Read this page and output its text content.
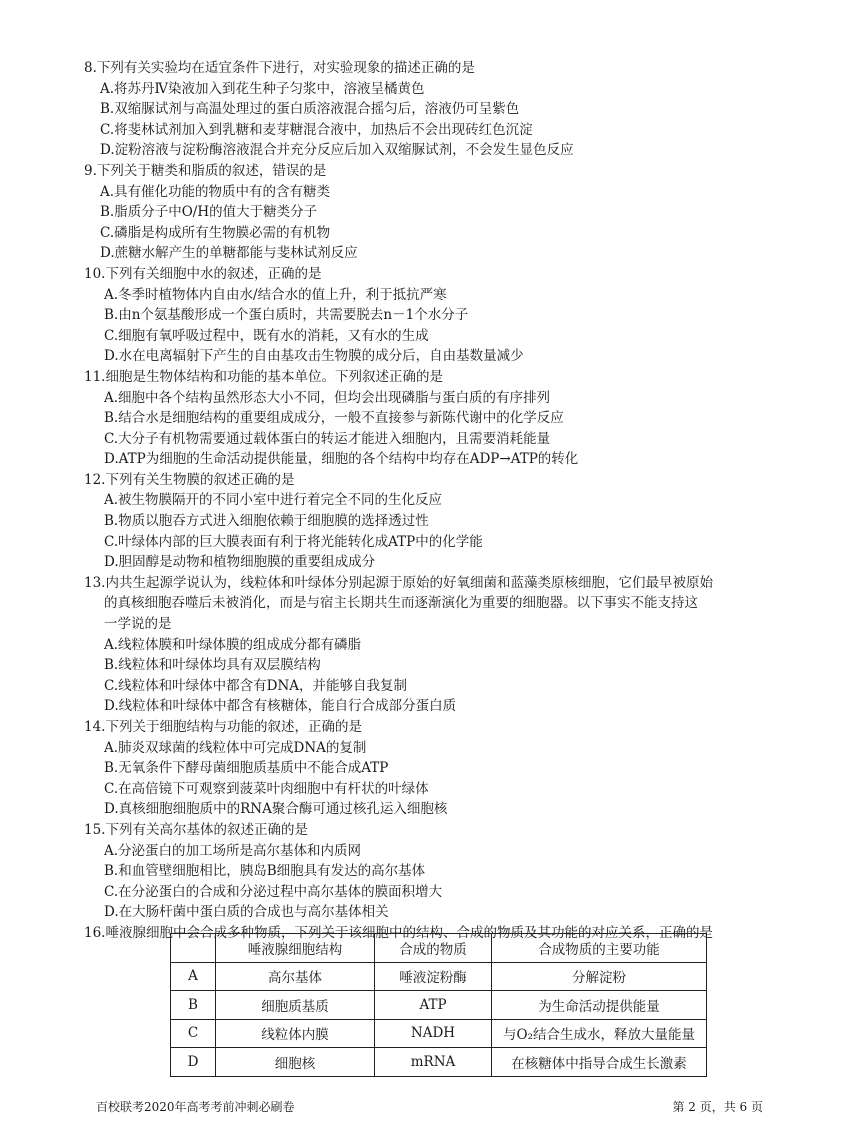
8.下列有关实验均在适宜条件下进行，对实验现象的描述正确的是
A.将苏丹Ⅳ染液加入到花生种子匀浆中，溶液呈橘黄色
B.双缩脲试剂与高温处理过的蛋白质溶液混合摇匀后，溶液仍可呈紫色
C.将斐林试剂加入到乳糖和麦芽糖混合液中，加热后不会出现砖红色沉淀
D.淀粉溶液与淀粉酶溶液混合并充分反应后加入双缩脲试剂，不会发生显色反应
9.下列关于糖类和脂质的叙述，错误的是
A.具有催化功能的物质中有的含有糖类
B.脂质分子中O/H的值大于糖类分子
C.磷脂是构成所有生物膜必需的有机物
D.蔗糖水解产生的单糖都能与斐林试剂反应
10.下列有关细胞中水的叙述，正确的是
A.冬季时植物体内自由水/结合水的值上升，利于抵抗严寒
B.由n个氨基酸形成一个蛋白质时，共需要脱去n－1个水分子
C.细胞有氧呼吸过程中，既有水的消耗，又有水的生成
D.水在电离辐射下产生的自由基攻击生物膜的成分后，自由基数量减少
11.细胞是生物体结构和功能的基本单位。下列叙述正确的是
A.细胞中各个结构虽然形态大小不同，但均会出现磷脂与蛋白质的有序排列
B.结合水是细胞结构的重要组成成分，一般不直接参与新陈代谢中的化学反应
C.大分子有机物需要通过载体蛋白的转运才能进入细胞内，且需要消耗能量
D.ATP为细胞的生命活动提供能量，细胞的各个结构中均存在ADP→ATP的转化
12.下列有关生物膜的叙述正确的是
A.被生物膜隔开的不同小室中进行着完全不同的生化反应
B.物质以胞吞方式进入细胞依赖于细胞膜的选择透过性
C.叶绿体内部的巨大膜表面有利于将光能转化成ATP中的化学能
D.胆固醇是动物和植物细胞膜的重要组成成分
13.内共生起源学说认为，线粒体和叶绿体分别起源于原始的好氧细菌和蓝藻类原核细胞，它们最早被原始
的真核细胞吞噬后未被消化，而是与宿主长期共生而逐渐演化为重要的细胞器。以下事实不能支持这
一学说的是
A.线粒体膜和叶绿体膜的组成成分都有磷脂
B.线粒体和叶绿体均具有双层膜结构
C.线粒体和叶绿体中都含有DNA，并能够自我复制
D.线粒体和叶绿体中都含有核糖体，能自行合成部分蛋白质
14.下列关于细胞结构与功能的叙述，正确的是
A.肺炎双球菌的线粒体中可完成DNA的复制
B.无氧条件下酵母菌细胞质基质中不能合成ATP
C.在高倍镜下可观察到菠菜叶肉细胞中有杆状的叶绿体
D.真核细胞细胞质中的RNA聚合酶可通过核孔运入细胞核
15.下列有关高尔基体的叙述正确的是
A.分泌蛋白的加工场所是高尔基体和内质网
B.和血管壁细胞相比，胰岛B细胞具有发达的高尔基体
C.在分泌蛋白的合成和分泌过程中高尔基体的膜面积增大
D.在大肠杆菌中蛋白质的合成也与高尔基体相关
16.唾液腺细胞中会合成多种物质，下列关于该细胞中的结构、合成的物质及其功能的对应关系，正确的是
	唾液腺细胞结构	合成的物质	合成物质的主要功能
A	高尔基体	唾液淀粉酶	分解淀粉
B	细胞质基质	ATP	为生命活动提供能量
C	线粒体内膜	NADH	与O₂结合生成水，释放大量能量
D	细胞核	mRNA	在核糖体中指导合成生长激素
百校联考2020年高考考前冲刺必刷卷	第 2 页，共 6 页
